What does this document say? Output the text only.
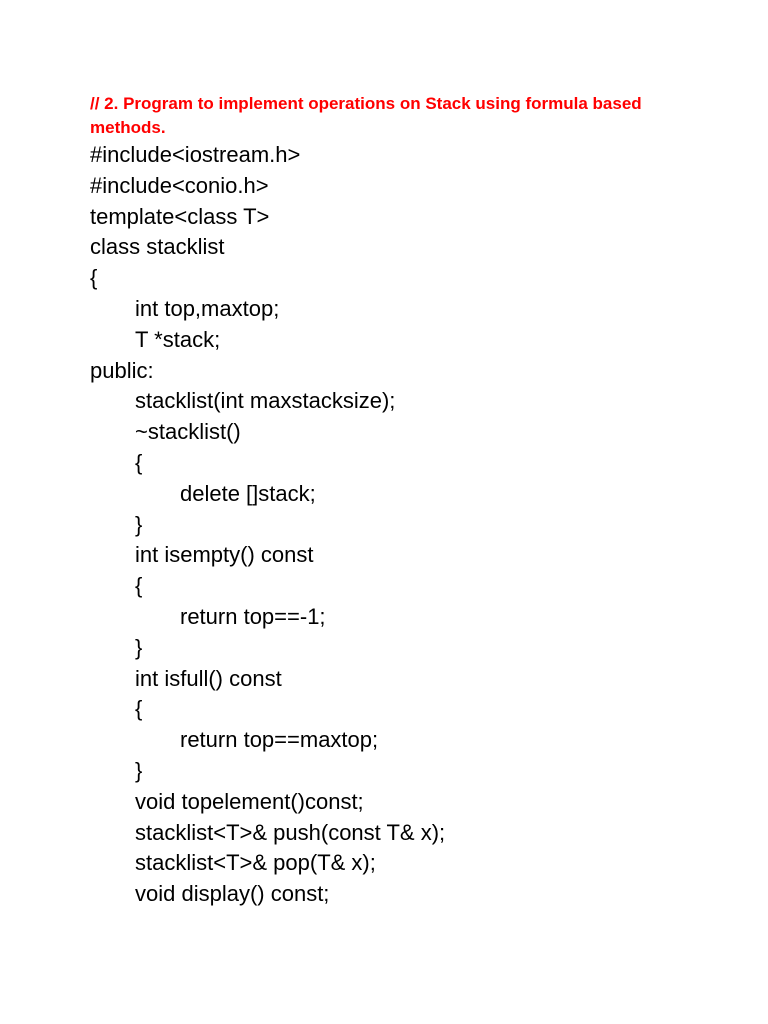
// 2. Program to implement operations on Stack using formula based methods.
#include<iostream.h>
#include<conio.h>
template<class T>
class stacklist
{
int top,maxtop;
T *stack;
public:
stacklist(int maxstacksize);
~stacklist()
{
delete []stack;
}
int isempty() const
{
return top==-1;
}
int isfull() const
{
return top==maxtop;
}
void topelement()const;
stacklist<T>& push(const T& x);
stacklist<T>& pop(T& x);
void display() const;
